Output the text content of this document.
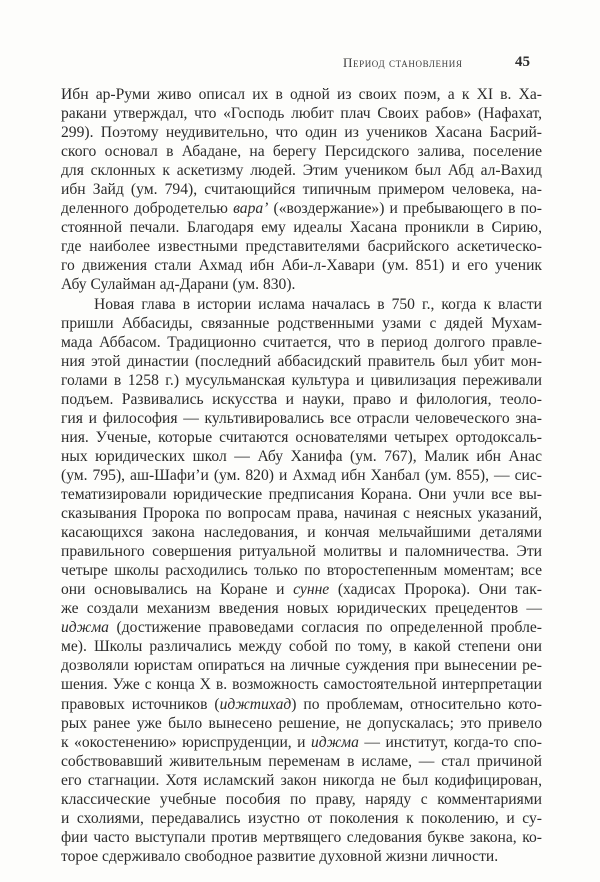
Период становления	45
Ибн ар-Руми живо описал их в одной из своих поэм, а к XI в. Ха-
ракани утверждал, что «Господь любит плач Своих рабов» (Нафахат,
299). Поэтому неудивительно, что один из учеников Хасана Басрий-
ского основал в Абадане, на берегу Персидского залива, поселение
для склонных к аскетизму людей. Этим учеником был Абд ал-Вахид
ибн Зайд (ум. 794), считающийся типичным примером человека, на-
деленного добродетелью вара’ («воздержание») и пребывающего в по-
стоянной печали. Благодаря ему идеалы Хасана проникли в Сирию,
где наиболее известными представителями басрийского аскетическо-
го движения стали Ахмад ибн Аби-л-Хавари (ум. 851) и его ученик
Абу Сулайман ад-Дарани (ум. 830).
Новая глава в истории ислама началась в 750 г., когда к власти
пришли Аббасиды, связанные родственными узами с дядей Мухам-
мада Аббасом. Традиционно считается, что в период долгого правле-
ния этой династии (последний аббасидский правитель был убит мон-
голами в 1258 г.) мусульманская культура и цивилизация переживали
подъем. Развивались искусства и науки, право и филология, теоло-
гия и философия — культивировались все отрасли человеческого зна-
ния. Ученые, которые считаются основателями четырех ортодоксаль-
ных юридических школ — Абу Ханифа (ум. 767), Малик ибн Анас
(ум. 795), аш-Шафи’и (ум. 820) и Ахмад ибн Ханбал (ум. 855), — сис-
тематизировали юридические предписания Корана. Они учли все вы-
сказывания Пророка по вопросам права, начиная с неясных указаний,
касающихся закона наследования, и кончая мельчайшими деталями
правильного совершения ритуальной молитвы и паломничества. Эти
четыре школы расходились только по второстепенным моментам; все
они основывались на Коране и сунне (хадисах Пророка). Они так-
же создали механизм введения новых юридических прецедентов —
иджма (достижение правоведами согласия по определенной пробле-
ме). Школы различались между собой по тому, в какой степени они
дозволяли юристам опираться на личные суждения при вынесении ре-
шения. Уже с конца X в. возможность самостоятельной интерпретации
правовых источников (иджтихад) по проблемам, относительно кото-
рых ранее уже было вынесено решение, не допускалась; это привело
к «окостенению» юриспруденции, и иджма — институт, когда-то спо-
собствовавший живительным переменам в исламе, — стал причиной
его стагнации. Хотя исламский закон никогда не был кодифицирован,
классические учебные пособия по праву, наряду с комментариями
и схолиями, передавались изустно от поколения к поколению, и су-
фии часто выступали против мертвящего следования букве закона, ко-
торое сдерживало свободное развитие духовной жизни личности.
